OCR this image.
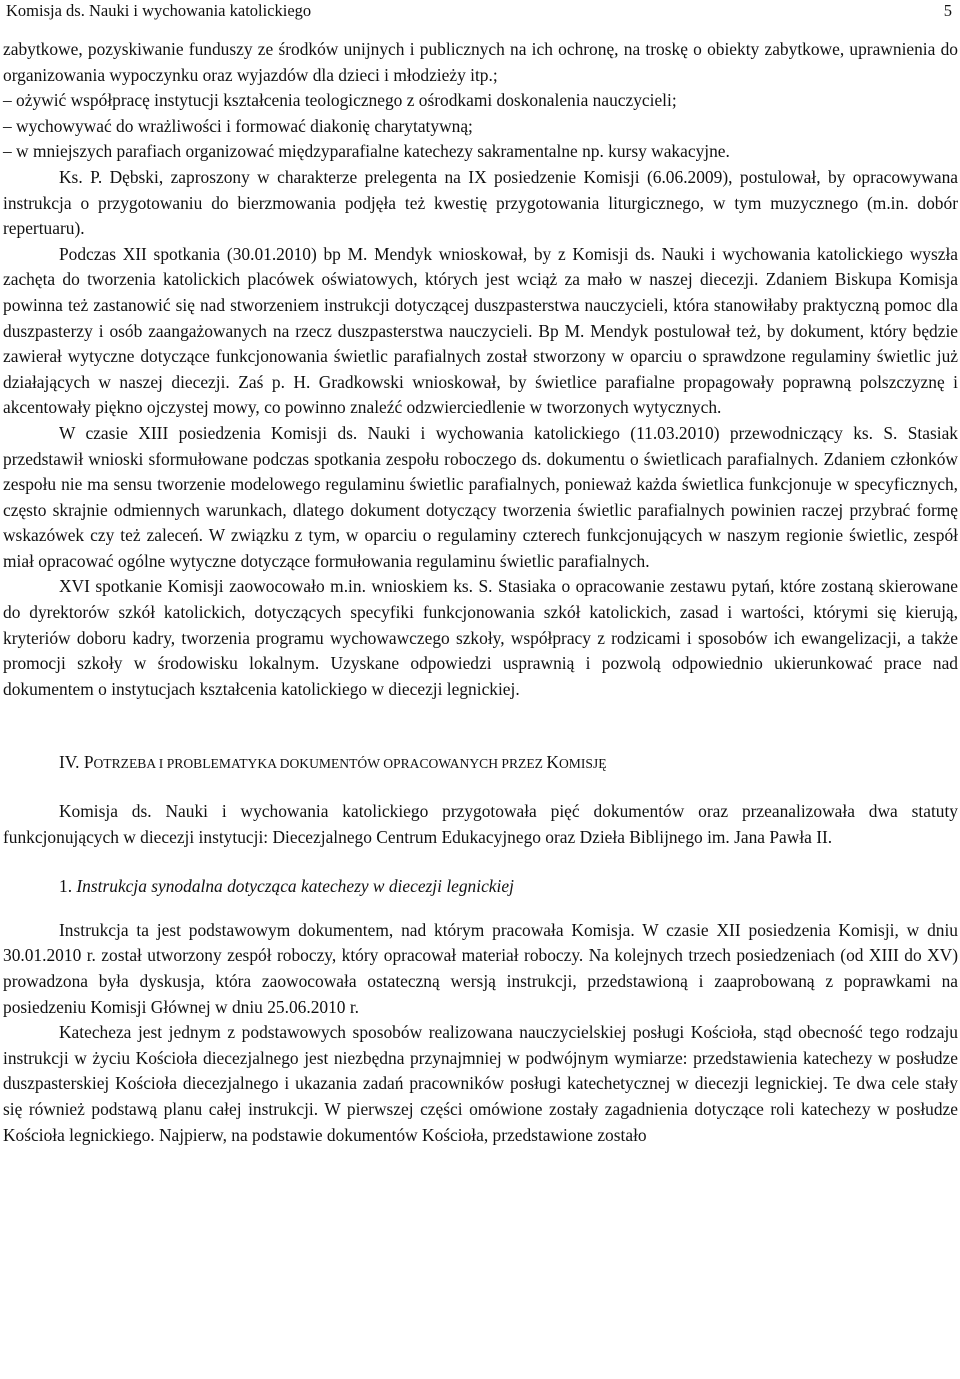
Komisja ds. Nauki i wychowania katolickiego	5

zabytkowe, pozyskiwanie funduszy ze środków unijnych i publicznych na ich ochronę, na troskę o obiekty zabytkowe, uprawnienia do organizowania wypoczynku oraz wyjazdów dla dzieci i młodzieży itp.;

– ożywić współpracę instytucji kształcenia teologicznego z ośrodkami doskonalenia nauczycieli;

– wychowywać do wrażliwości i formować diakonię charytatywną;

– w mniejszych parafiach organizować międzyparafialne katechezy sakramentalne np. kursy wakacyjne.

Ks. P. Dębski, zaproszony w charakterze prelegenta na IX posiedzenie Komisji (6.06.2009), postulował, by opracowywana instrukcja o przygotowaniu do bierzmowania podjęła też kwestię przygotowania liturgicznego, w tym muzycznego (m.in. dobór repertuaru).

Podczas XII spotkania (30.01.2010) bp M. Mendyk wnioskował, by z Komisji ds. Nauki i wychowania katolickiego wyszła zachęta do tworzenia katolickich placówek oświatowych, których jest wciąż za mało w naszej diecezji. Zdaniem Biskupa Komisja powinna też zastanowić się nad stworzeniem instrukcji dotyczącej duszpasterstwa nauczycieli, która stanowiłaby praktyczną pomoc dla duszpasterzy i osób zaangażowanych na rzecz duszpasterstwa nauczycieli. Bp M. Mendyk postulował też, by dokument, który będzie zawierał wytyczne dotyczące funkcjonowania świetlic parafialnych został stworzony w oparciu o sprawdzone regulaminy świetlic już działających w naszej diecezji. Zaś p. H. Gradkowski wnioskował, by świetlice parafialne propagowały poprawną polszczyznę i akcentowały piękno ojczystej mowy, co powinno znaleźć odzwierciedlenie w tworzonych wytycznych.

W czasie XIII posiedzenia Komisji ds. Nauki i wychowania katolickiego (11.03.2010) przewodniczący ks. S. Stasiak przedstawił wnioski sformułowane podczas spotkania zespołu roboczego ds. dokumentu o świetlicach parafialnych. Zdaniem członków zespołu nie ma sensu tworzenie modelowego regulaminu świetlic parafialnych, ponieważ każda świetlica funkcjonuje w specyficznych, często skrajnie odmiennych warunkach, dlatego dokument dotyczący tworzenia świetlic parafialnych powinien raczej przybrać formę wskazówek czy też zaleceń. W związku z tym, w oparciu o regulaminy czterech funkcjonujących w naszym regionie świetlic, zespół miał opracować ogólne wytyczne dotyczące formułowania regulaminu świetlic parafialnych.

XVI spotkanie Komisji zaowocowało m.in. wnioskiem ks. S. Stasiaka o opracowanie zestawu pytań, które zostaną skierowane do dyrektorów szkół katolickich, dotyczących specyfiki funkcjonowania szkół katolickich, zasad i wartości, którymi się kierują, kryteriów doboru kadry, tworzenia programu wychowawczego szkoły, współpracy z rodzicami i sposobów ich ewangelizacji, a także promocji szkoły w środowisku lokalnym. Uzyskane odpowiedzi usprawnią i pozwolą odpowiednio ukierunkować prace nad dokumentem o instytucjach kształcenia katolickiego w diecezji legnickiej.

IV. POTRZEBA I PROBLEMATYKA DOKUMENTÓW OPRACOWANYCH PRZEZ KOMISJĘ

Komisja ds. Nauki i wychowania katolickiego przygotowała pięć dokumentów oraz przeanalizowała dwa statuty funkcjonujących w diecezji instytucji: Diecezjalnego Centrum Edukacyjnego oraz Dzieła Biblijnego im. Jana Pawła II.

1. Instrukcja synodalna dotycząca katechezy w diecezji legnickiej

Instrukcja ta jest podstawowym dokumentem, nad którym pracowała Komisja. W czasie XII posiedzenia Komisji, w dniu 30.01.2010 r. został utworzony zespół roboczy, który opracował materiał roboczy. Na kolejnych trzech posiedzeniach (od XIII do XV) prowadzona była dyskusja, która zaowocowała ostateczną wersją instrukcji, przedstawioną i zaaprobowaną z poprawkami na posiedzeniu Komisji Głównej w dniu 25.06.2010 r.

Katecheza jest jednym z podstawowych sposobów realizowana nauczycielskiej posługi Kościoła, stąd obecność tego rodzaju instrukcji w życiu Kościoła diecezjalnego jest niezbędna przynajmniej w podwójnym wymiarze: przedstawienia katechezy w posłudze duszpasterskiej Kościoła diecezjalnego i ukazania zadań pracowników posługi katechetycznej w diecezji legnickiej. Te dwa cele stały się również podstawą planu całej instrukcji. W pierwszej części omówione zostały zagadnienia dotyczące roli katechezy w posłudze Kościoła legnickiego. Najpierw, na podstawie dokumentów Kościoła, przedstawione zostało
